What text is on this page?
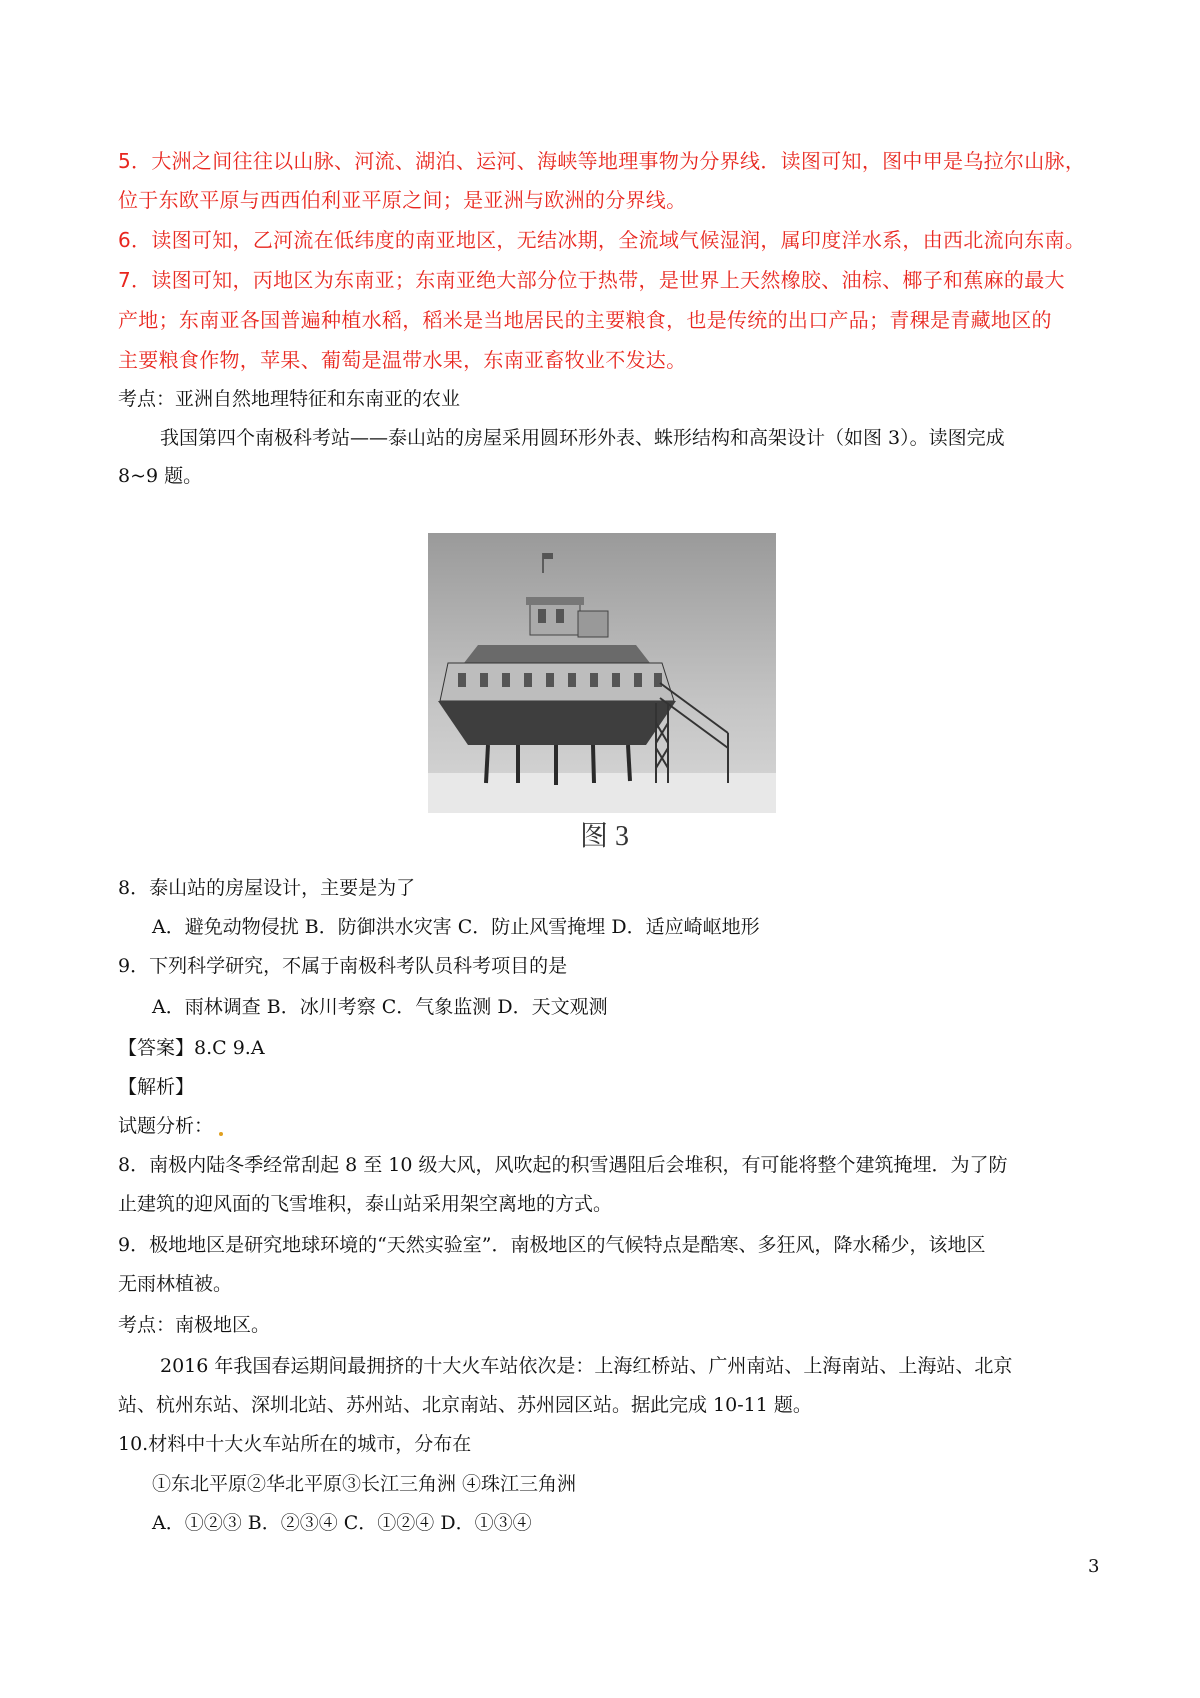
5．大洲之间往往以山脉、河流、湖泊、运河、海峡等地理事物为分界线．读图可知，图中甲是乌拉尔山脉，
位于东欧平原与西西伯利亚平原之间；是亚洲与欧洲的分界线。
6．读图可知，乙河流在低纬度的南亚地区，无结冰期，全流域气候湿润，属印度洋水系，由西北流向东南。
7．读图可知，丙地区为东南亚；东南亚绝大部分位于热带，是世界上天然橡胶、油棕、椰子和蕉麻的最大
产地；东南亚各国普遍种植水稻，稻米是当地居民的主要粮食，也是传统的出口产品；青稞是青藏地区的
主要粮食作物，苹果、葡萄是温带水果，东南亚畜牧业不发达。
考点：亚洲自然地理特征和东南亚的农业
我国第四个南极科考站——泰山站的房屋采用圆环形外表、蛛形结构和高架设计（如图 3）。读图完成
8~9 题。
图 3
8．泰山站的房屋设计，主要是为了
A．避免动物侵扰 B．防御洪水灾害 C．防止风雪掩埋 D．适应崎岖地形
9．下列科学研究，不属于南极科考队员科考项目的是
A．雨林调查 B．冰川考察 C．气象监测 D．天文观测
【答案】8.C 9.A
【解析】
试题分析：
8．南极内陆冬季经常刮起 8 至 10 级大风，风吹起的积雪遇阻后会堆积，有可能将整个建筑掩埋．为了防
止建筑的迎风面的飞雪堆积，泰山站采用架空离地的方式。
9．极地地区是研究地球环境的“天然实验室”．南极地区的气候特点是酷寒、多狂风，降水稀少，该地区
无雨林植被。
考点：南极地区。
2016 年我国春运期间最拥挤的十大火车站依次是：上海红桥站、广州南站、上海南站、上海站、北京
站、杭州东站、深圳北站、苏州站、北京南站、苏州园区站。据此完成 10-11 题。
10.材料中十大火车站所在的城市，分布在
①东北平原②华北平原③长江三角洲 ④珠江三角洲
A．①②③ B．②③④ C．①②④ D．①③④
3
